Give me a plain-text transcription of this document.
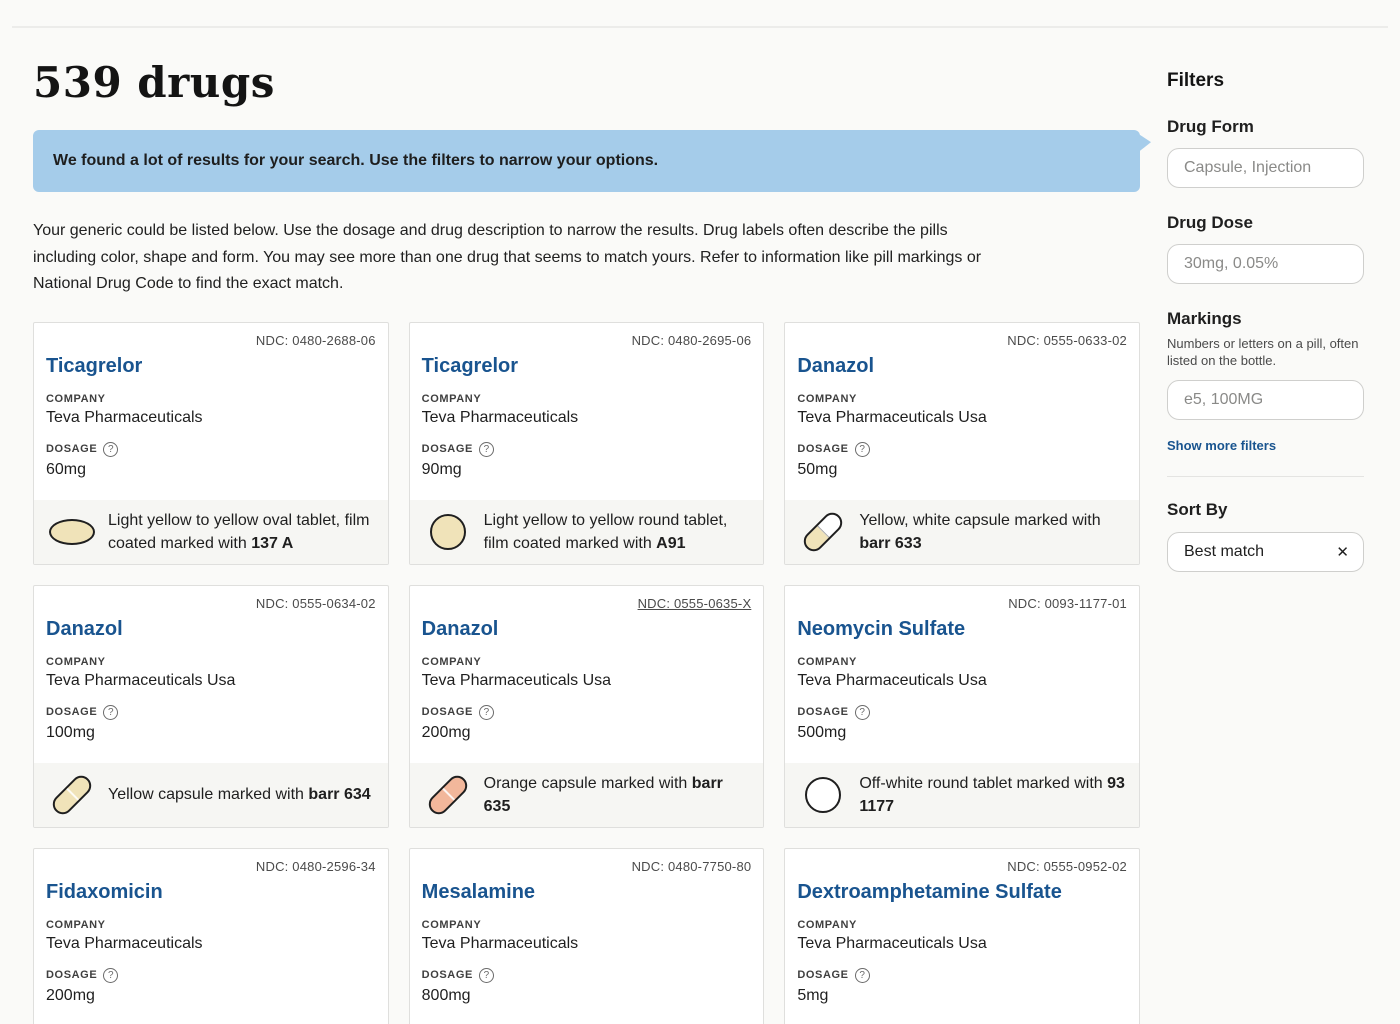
539 drugs
We found a lot of results for your search. Use the filters to narrow your options.

Your generic could be listed below. Use the dosage and drug description to narrow the results. Drug labels often describe the pills including color, shape and form. You may see more than one drug that seems to match yours. Refer to information like pill markings or National Drug Code to find the exact match.

NDC: 0480-2688-06
Ticagrelor
COMPANY
Teva Pharmaceuticals
DOSAGE	?
60mg
Light yellow to yellow oval tablet, film coated marked with 137 A
NDC: 0480-2695-06
Ticagrelor
COMPANY
Teva Pharmaceuticals
DOSAGE	?
90mg
Light yellow to yellow round tablet, film coated marked with A91
NDC: 0555-0633-02
Danazol
COMPANY
Teva Pharmaceuticals Usa
DOSAGE	?
50mg
Yellow, white capsule marked with barr 633
NDC: 0555-0634-02
Danazol
COMPANY
Teva Pharmaceuticals Usa
DOSAGE	?
100mg
Yellow capsule marked with barr 634
NDC: 0555-0635-X
Danazol
COMPANY
Teva Pharmaceuticals Usa
DOSAGE	?
200mg
Orange capsule marked with barr 635
NDC: 0093-1177-01
Neomycin Sulfate
COMPANY
Teva Pharmaceuticals Usa
DOSAGE	?
500mg
Off-white round tablet marked with 93 1177
NDC: 0480-2596-34
Fidaxomicin
COMPANY
Teva Pharmaceuticals
DOSAGE	?
200mg
NDC: 0480-7750-80
Mesalamine
COMPANY
Teva Pharmaceuticals
DOSAGE	?
800mg
NDC: 0555-0952-02
Dextroamphetamine Sulfate
COMPANY
Teva Pharmaceuticals Usa
DOSAGE	?
5mg
Filters
Drug Form
Capsule, Injection
Drug Dose
30mg, 0.05%
Markings
Numbers or letters on a pill, often listed on the bottle.
e5, 100MG Show more filters
Sort By
Best match	✕
